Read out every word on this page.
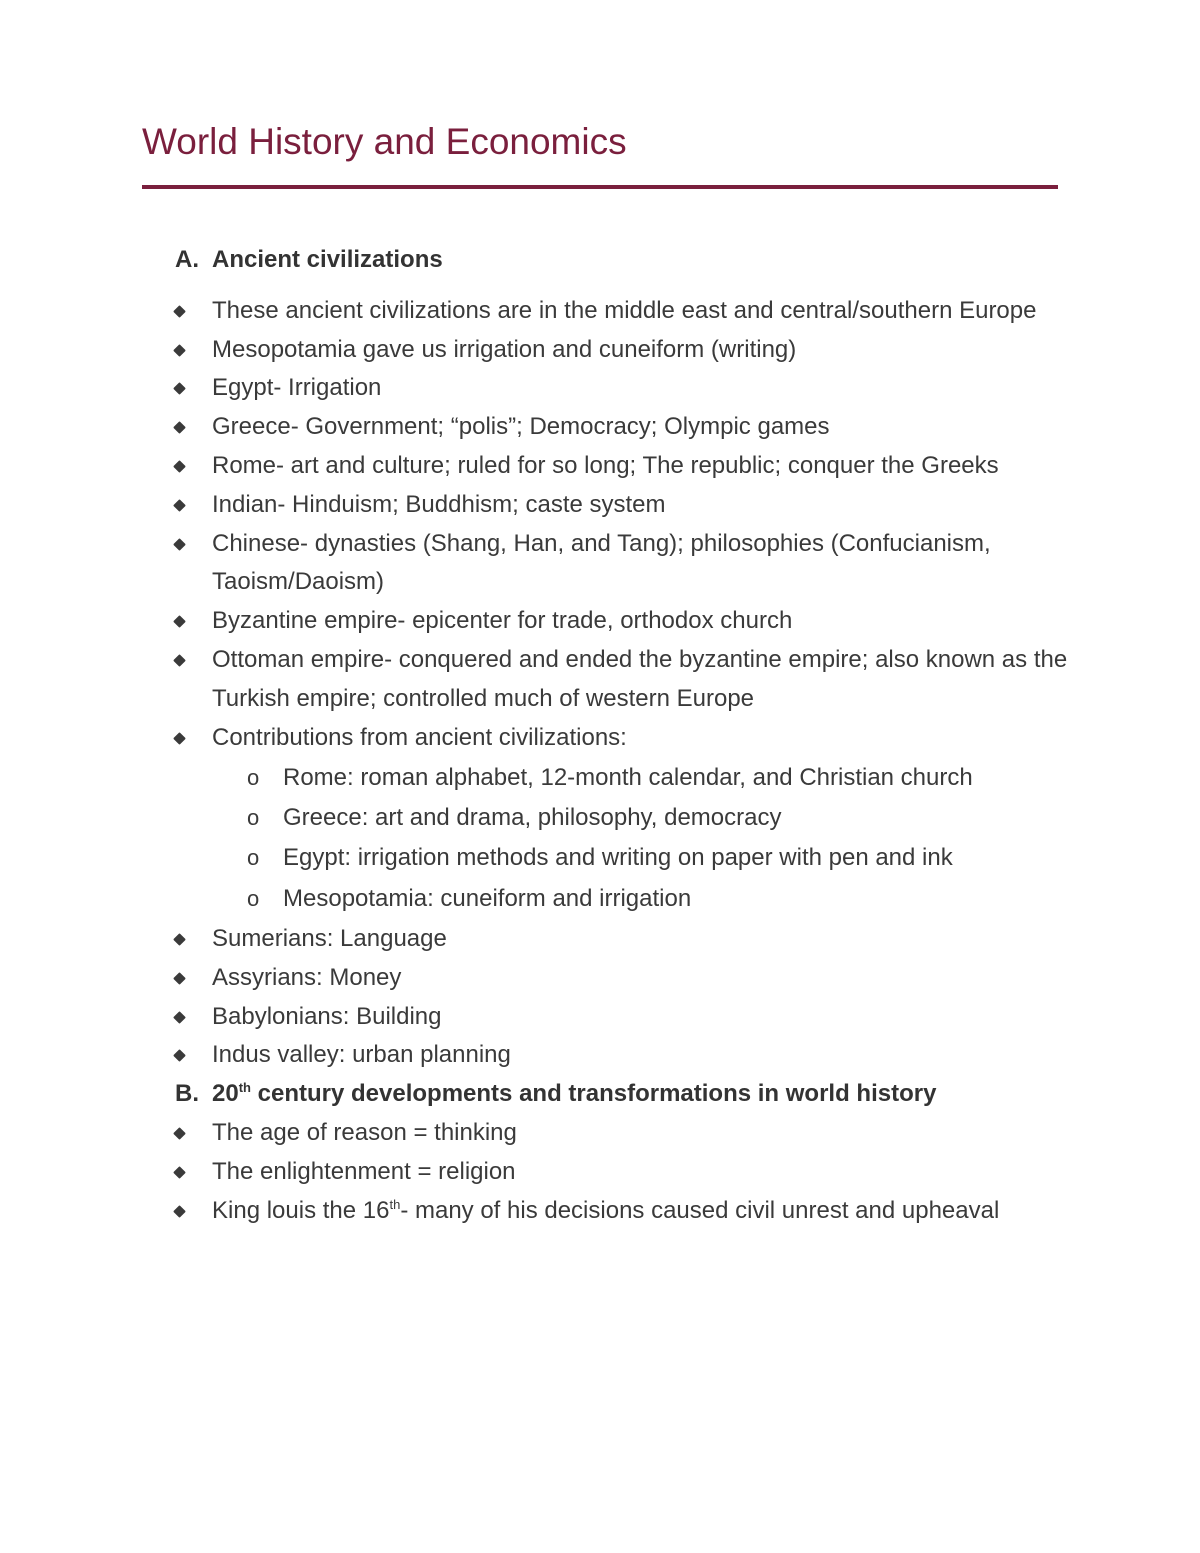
World History and Economics
A. Ancient civilizations
These ancient civilizations are in the middle east and central/southern Europe
Mesopotamia gave us irrigation and cuneiform (writing)
Egypt- Irrigation
Greece- Government; “polis”; Democracy; Olympic games
Rome- art and culture; ruled for so long; The republic; conquer the Greeks
Indian- Hinduism; Buddhism; caste system
Chinese- dynasties (Shang, Han, and Tang); philosophies (Confucianism, Taoism/Daoism)
Byzantine empire- epicenter for trade, orthodox church
Ottoman empire- conquered and ended the byzantine empire; also known as the Turkish empire; controlled much of western Europe
Contributions from ancient civilizations:
o Rome: roman alphabet, 12-month calendar, and Christian church
o Greece: art and drama, philosophy, democracy
o Egypt: irrigation methods and writing on paper with pen and ink
o Mesopotamia: cuneiform and irrigation
Sumerians: Language
Assyrians: Money
Babylonians: Building
Indus valley: urban planning
B. 20th century developments and transformations in world history
The age of reason = thinking
The enlightenment = religion
King louis the 16th- many of his decisions caused civil unrest and upheaval
